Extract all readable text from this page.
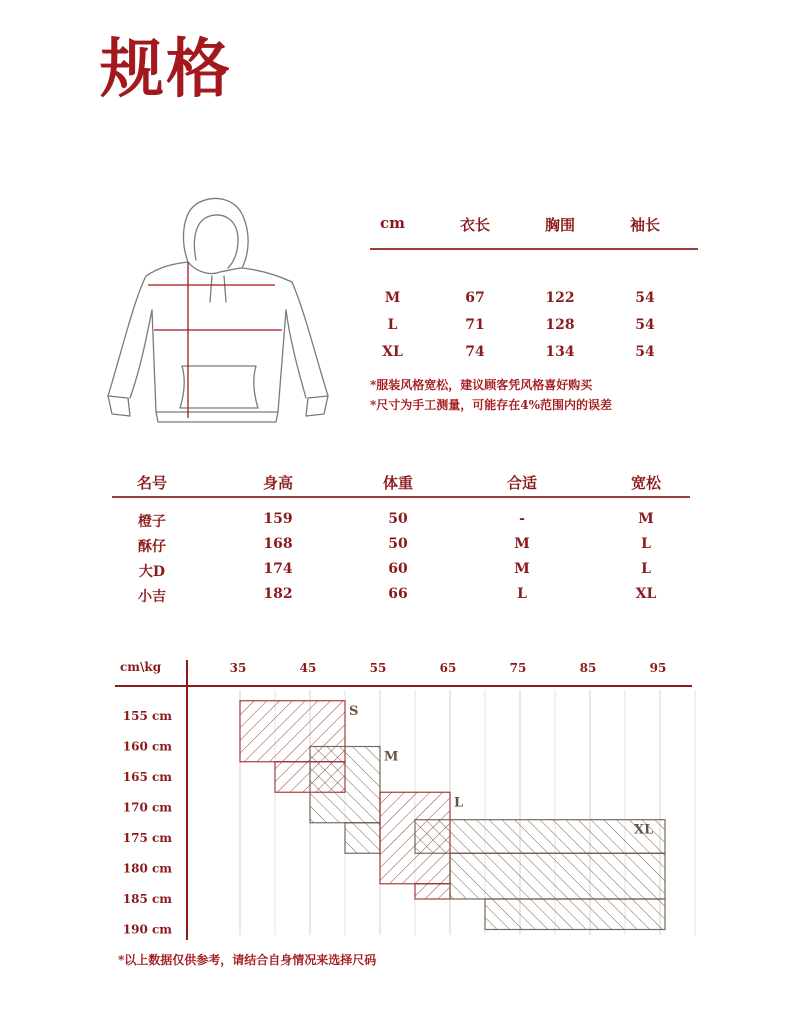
规格
cm	衣长	胸围	袖长
M	67	122	54
L	71	128	54
XL	74	134	54
*服装风格宽松，建议顾客凭风格喜好购买
*尺寸为手工测量，可能存在4%范围内的误差
名号	身高	体重	合适	宽松
橙子	159	50	-	M
酥仔	168	50	M	L
大D	174	60	M	L
小吉	182	66	L	XL
cm\kg	35	45	55	65	75	85	95
155 cm
160 cm
165 cm
170 cm
175 cm
180 cm
185 cm
190 cm
S
M
L
XL
*以上数据仅供参考，请结合自身情况来选择尺码
